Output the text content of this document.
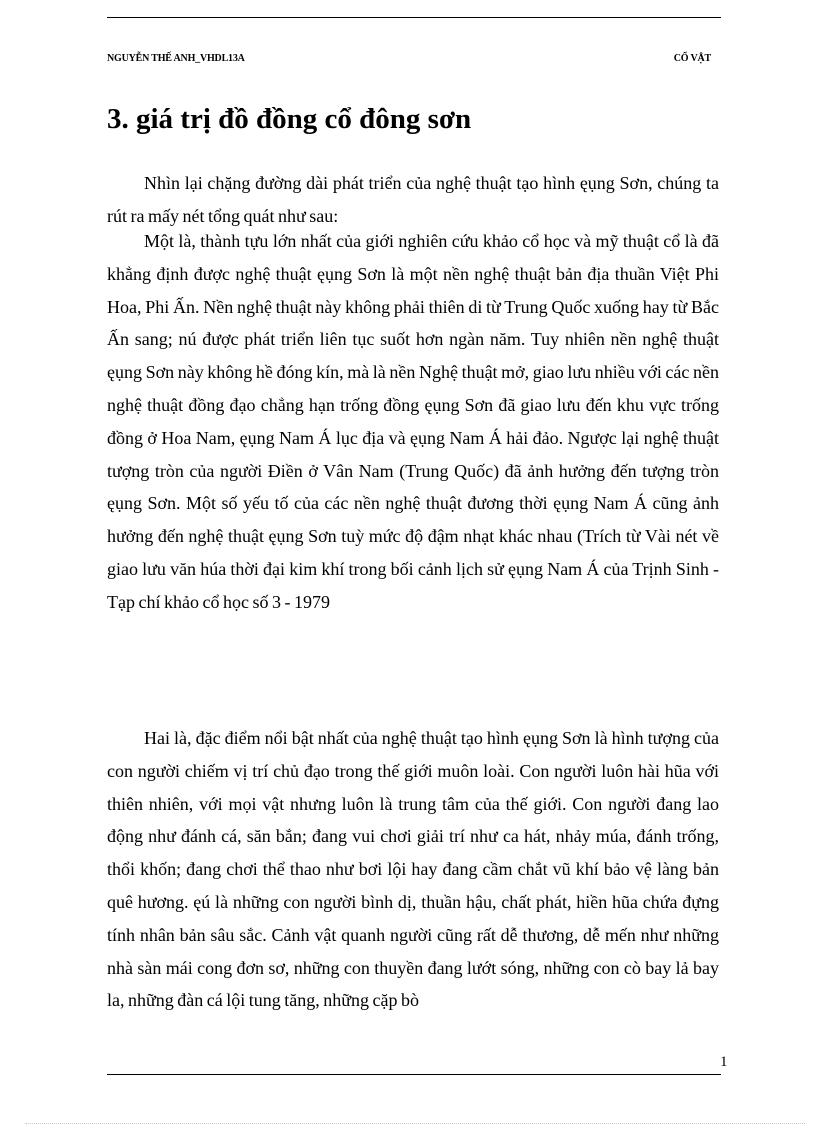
NGUYỄN THẾ ANH_VHDL13A	CỔ VẬT
3. giá trị đồ đồng cổ đông sơn

Nhìn lại chặng đường dài phát triển của nghệ thuật tạo hình ęụng Sơn, chúng ta rút ra mấy nét tổng quát như sau:

Một là, thành tựu lớn nhất của giới nghiên cứu khảo cổ học và mỹ thuật cổ là đã khẳng định được nghệ thuật ęụng Sơn là một nền nghệ thuật bản địa thuần Việt Phi Hoa, Phi Ấn. Nền nghệ thuật này không phải thiên di từ Trung Quốc xuống hay từ Bắc Ấn sang; nú được phát triển liên tục suốt hơn ngàn năm. Tuy nhiên nền nghệ thuật ęụng Sơn này không hề đóng kín, mà là nền Nghệ thuật mở, giao lưu nhiều với các nền nghệ thuật đồng đạo chẳng hạn trống đồng ęụng Sơn đã giao lưu đến khu vực trống đồng ở Hoa Nam, ęụng Nam Á lục địa và ęụng Nam Á hải đảo. Ngược lại nghệ thuật tượng tròn của người Điền ở Vân Nam (Trung Quốc) đã ảnh hưởng đến tượng tròn ęụng Sơn. Một số yếu tố của các nền nghệ thuật đương thời ęụng Nam Á cũng ảnh hưởng đến nghệ thuật ęụng Sơn tuỳ mức độ đậm nhạt khác nhau (Trích từ Vài nét về giao lưu văn húa thời đại kim khí trong bối cảnh lịch sử ęụng Nam Á của Trịnh Sinh - Tạp chí khảo cổ học số 3 - 1979

Hai là, đặc điểm nổi bật nhất của nghệ thuật tạo hình ęụng Sơn là hình tượng của con người chiếm vị trí chủ đạo trong thế giới muôn loài. Con người luôn hài hũa với thiên nhiên, với mọi vật nhưng luôn là trung tâm của thế giới. Con người đang lao động như đánh cá, săn bắn; đang vui chơi giải trí như ca hát, nhảy múa, đánh trống, thổi khốn; đang chơi thể thao như bơi lội hay đang cầm chắt vũ khí bảo vệ làng bản quê hương. ęú là những con người bình dị, thuần hậu, chất phát, hiền hũa chứa đựng tính nhân bản sâu sắc. Cảnh vật quanh người cũng rất dễ thương, dễ mến như những nhà sàn mái cong đơn sơ, những con thuyền đang lướt sóng, những con cò bay lả bay la, những đàn cá lội tung tăng, những cặp bò

1
